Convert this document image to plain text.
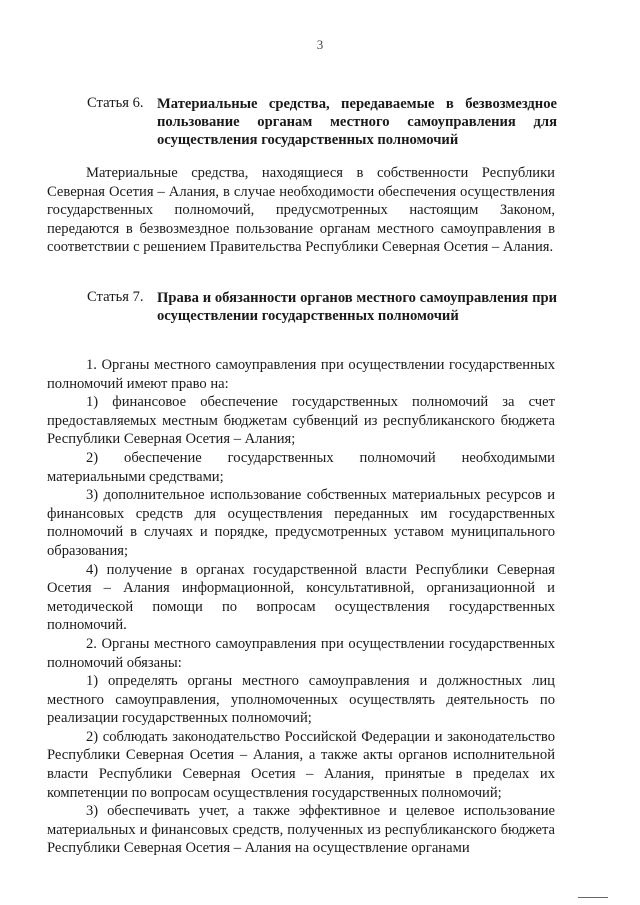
3
Статья 6. Материальные средства, передаваемые в безвозмездное пользование органам местного самоуправления для осуществления государственных полномочий

Материальные средства, находящиеся в собственности Республики Северная Осетия – Алания, в случае необходимости обеспечения осуществления государственных полномочий, предусмотренных настоящим Законом, передаются в безвозмездное пользование органам местного самоуправления в соответствии с решением Правительства Республики Северная Осетия – Алания.

Статья 7. Права и обязанности органов местного самоуправления при осуществлении государственных полномочий

1. Органы местного самоуправления при осуществлении государственных полномочий имеют право на:

1) финансовое обеспечение государственных полномочий за счет предоставляемых местным бюджетам субвенций из республиканского бюджета Республики Северная Осетия – Алания;

2) обеспечение государственных полномочий необходимыми материальными средствами;

3) дополнительное использование собственных материальных ресурсов и финансовых средств для осуществления переданных им государственных полномочий в случаях и порядке, предусмотренных уставом муниципального образования;

4) получение в органах государственной власти Республики Северная Осетия – Алания информационной, консультативной, организационной и методической помощи по вопросам осуществления государственных полномочий.

2. Органы местного самоуправления при осуществлении государственных полномочий обязаны:

1) определять органы местного самоуправления и должностных лиц местного самоуправления, уполномоченных осуществлять деятельность по реализации государственных полномочий;

2) соблюдать законодательство Российской Федерации и законодательство Республики Северная Осетия – Алания, а также акты органов исполнительной власти Республики Северная Осетия – Алания, принятые в пределах их компетенции по вопросам осуществления государственных полномочий;

3) обеспечивать учет, а также эффективное и целевое использование материальных и финансовых средств, полученных из республиканского бюджета Республики Северная Осетия – Алания на осуществление органами
